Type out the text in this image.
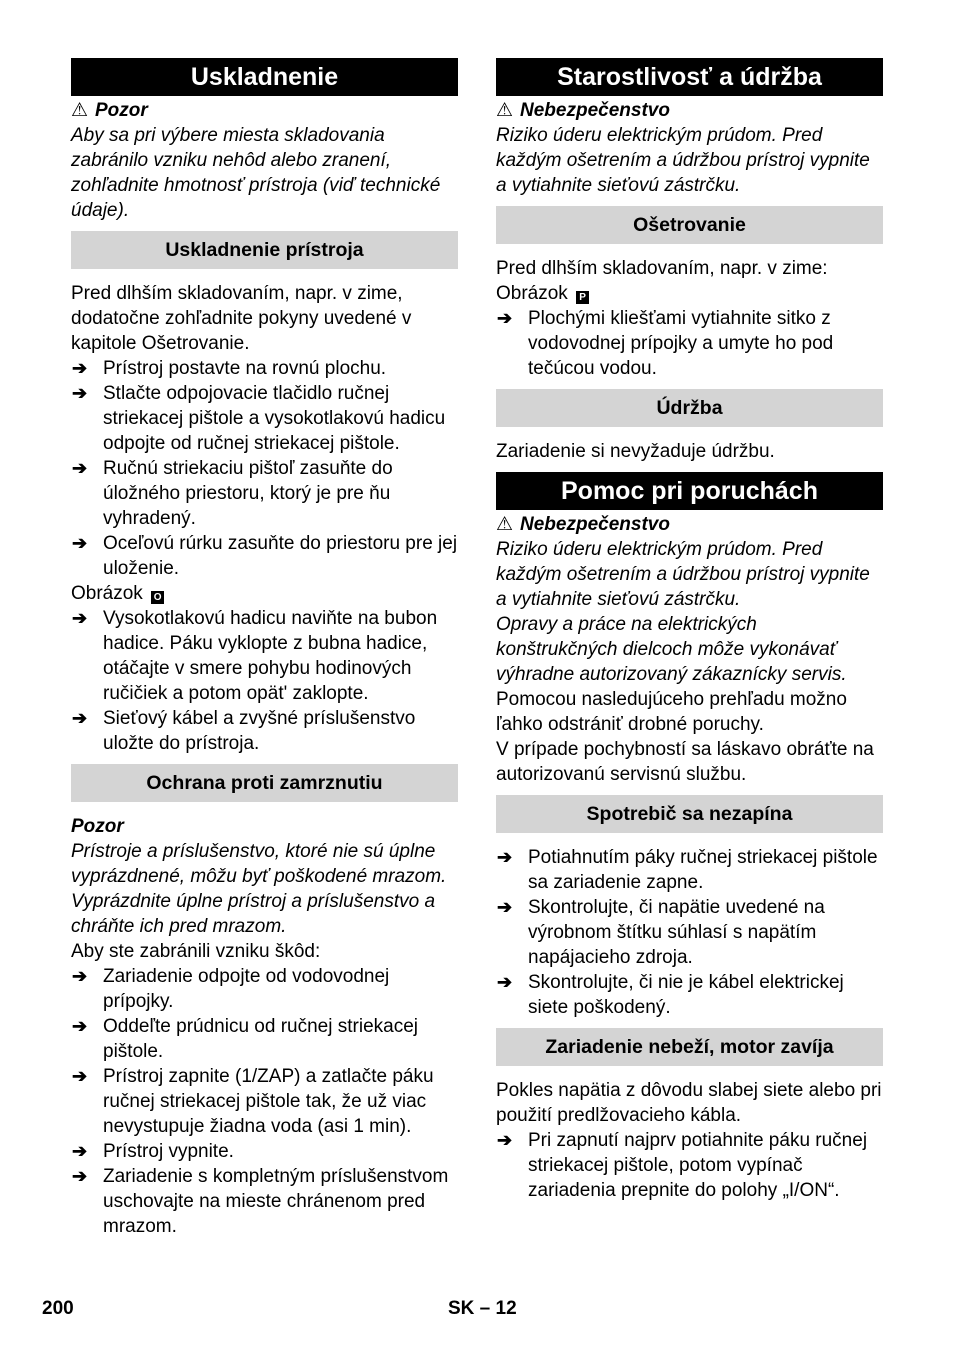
Uskladnenie
⚠ Pozor

Aby sa pri výbere miesta skladovania zabránilo vzniku nehôd alebo zranení, zohľadnite hmotnosť prístroja (viď technické údaje).

Uskladnenie prístroja

Pred dlhším skladovaním, napr. v zime, dodatočne zohľadnite pokyny uvedené v kapitole Ošetrovanie.

➔ Prístroj postavte na rovnú plochu.
➔ Stlačte odpojovacie tlačidlo ručnej striekacej pištole a vysokotlakovú hadicu odpojte od ručnej striekacej pištole.
➔ Ručnú striekaciu pištoľ zasuňte do úložného priestoru, ktorý je pre ňu vyhradený.
➔ Oceľovú rúrku zasuňte do priestoru pre jej uloženie.

Obrázok O

➔ Vysokotlakovú hadicu naviňte na bubon hadice. Páku vyklopte z bubna hadice, otáčajte v smere pohybu hodinových ručičiek a potom opät' zaklopte.
➔ Sieťový kábel a zvyšné príslušenstvo uložte do prístroja.
Ochrana proti zamrznutiu
Pozor

Prístroje a príslušenstvo, ktoré nie sú úplne vyprázdnené, môžu byť poškodené mrazom. Vyprázdnite úplne prístroj a príslušenstvo a chráňte ich pred mrazom.

Aby ste zabránili vzniku škôd:

➔ Zariadenie odpojte od vodovodnej prípojky.
➔ Oddeľte prúdnicu od ručnej striekacej pištole.
➔ Prístroj zapnite (1/ZAP) a zatlačte páku ručnej striekacej pištole tak, že už viac nevystupuje žiadna voda (asi 1 min).
➔ Prístroj vypnite.
➔ Zariadenie s kompletným príslušenstvom uschovajte na mieste chránenom pred mrazom.
Starostlivosť a údržba
⚠ Nebezpečenstvo

Riziko úderu elektrickým prúdom. Pred každým ošetrením a údržbou prístroj vypnite a vytiahnite sieťovú zástrčku.

Ošetrovanie

Pred dlhším skladovaním, napr. v zime:

Obrázok P

➔ Plochými kliešťami vytiahnite sitko z vodovodnej prípojky a umyte ho pod tečúcou vodou.
Údržba

Zariadenie si nevyžaduje údržbu.

Pomoc pri poruchách
⚠ Nebezpečenstvo

Riziko úderu elektrickým prúdom. Pred každým ošetrením a údržbou prístroj vypnite a vytiahnite sieťovú zástrčku.

Opravy a práce na elektrických konštrukčných dielcoch môže vykonávať výhradne autorizovaný zákaznícky servis.

Pomocou nasledujúceho prehľadu možno ľahko odstrániť drobné poruchy.

V prípade pochybností sa láskavo obráťte na autorizovanú servisnú službu.

Spotrebič sa nezapína
➔ Potiahnutím páky ručnej striekacej pištole sa zariadenie zapne.
➔ Skontrolujte, či napätie uvedené na výrobnom štítku súhlasí s napätím napájacieho zdroja.
➔ Skontrolujte, či nie je kábel elektrickej siete poškodený.
Zariadenie nebeží, motor zavíja

Pokles napätia z dôvodu slabej siete alebo pri použití predlžovacieho kábla.

➔ Pri zapnutí najprv potiahnite páku ručnej striekacej pištole, potom vypínač zariadenia prepnite do polohy „I/ON“.
200	SK – 12
